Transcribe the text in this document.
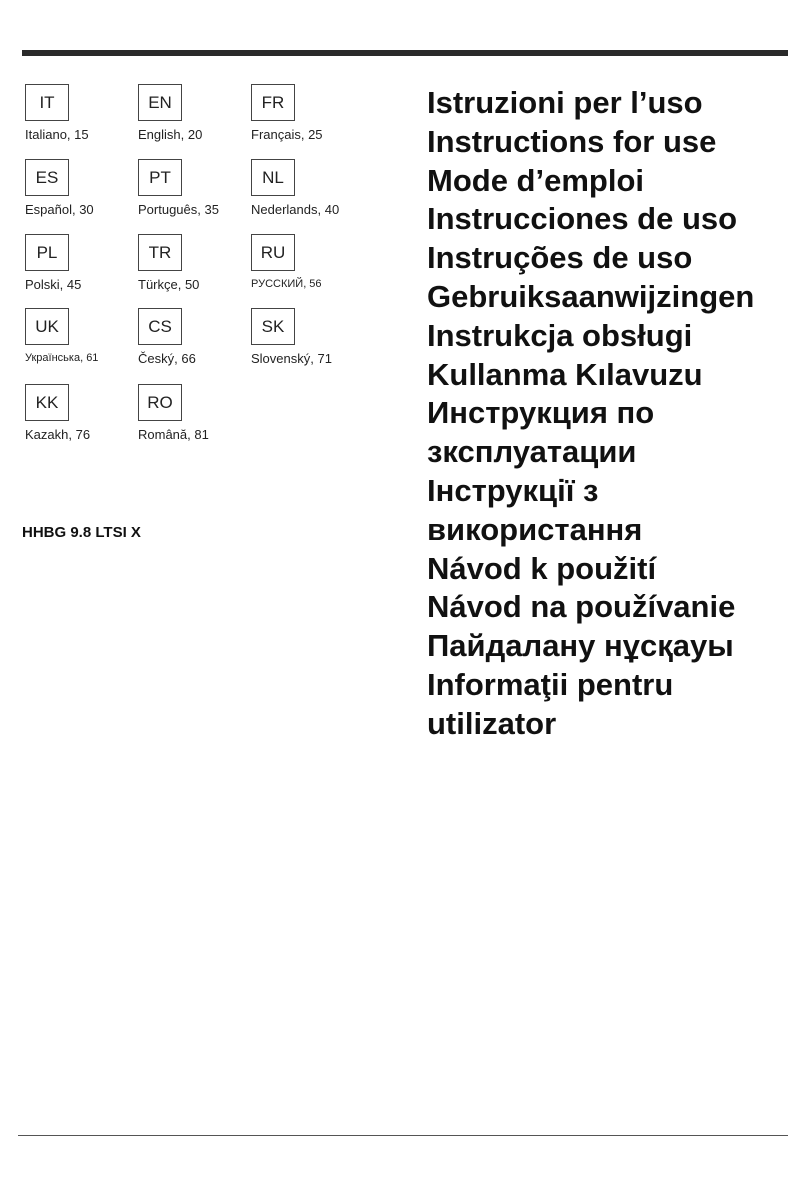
IT
Italiano, 15
EN
English, 20
FR
Français, 25
ES
Español, 30
PT
Português, 35
NL
Nederlands, 40
PL
Polski, 45
TR
Türkçe, 50
RU
РУССКИЙ, 56
UK
Українська, 61
CS
Český, 66
SK
Slovenský, 71
KK
Kazakh, 76
RO
Română, 81
HHBG 9.8 LTSI X
Istruzioni per l’uso
Instructions for use
Mode d’emploi
Instrucciones de uso
Instruções de uso
Gebruiksaanwijzingen
Instrukcja obsługi
Kullanma Kılavuzu
Инструкция по
зксплуатации
Інструкції з
використання
Návod k použití
Návod na používanie
Пайдалану нұсқауы
Informaţii pentru
utilizator
